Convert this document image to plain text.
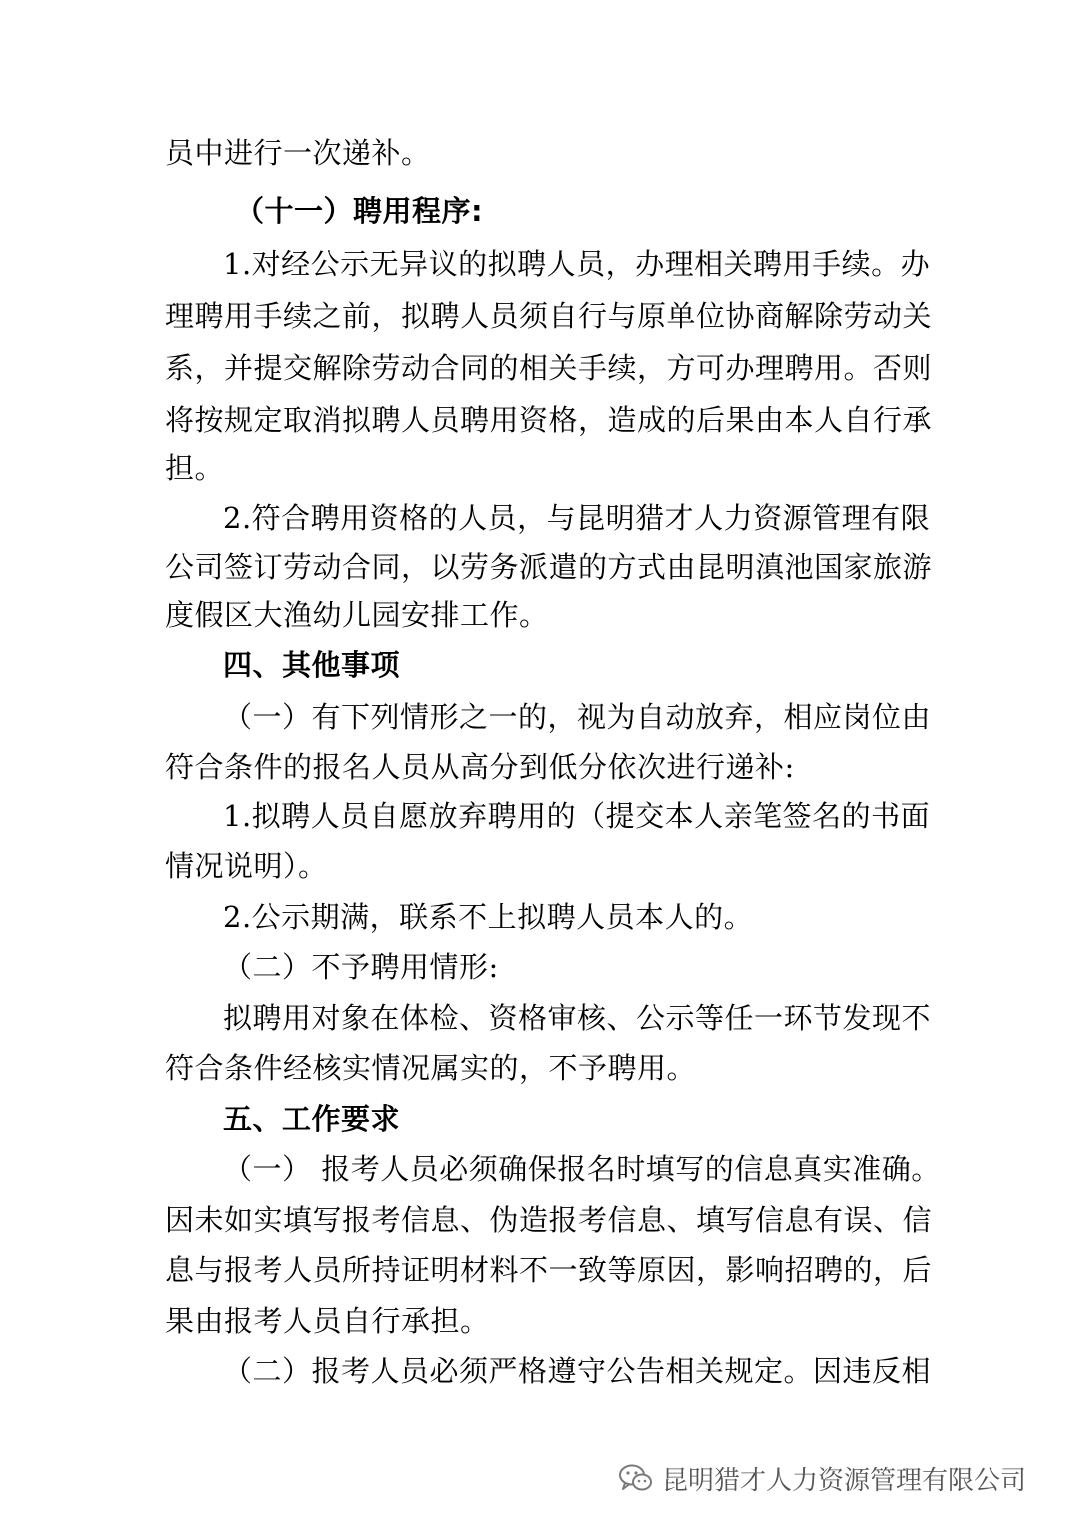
员中进行一次递补。
（十一）聘用程序:
1.对经公示无异议的拟聘人员，办理相关聘用手续。办
理聘用手续之前，拟聘人员须自行与原单位协商解除劳动关
系，并提交解除劳动合同的相关手续，方可办理聘用。否则
将按规定取消拟聘人员聘用资格，造成的后果由本人自行承
担。
2.符合聘用资格的人员，与昆明猎才人力资源管理有限
公司签订劳动合同，以劳务派遣的方式由昆明滇池国家旅游
度假区大渔幼儿园安排工作。
四、其他事项
（一）有下列情形之一的，视为自动放弃，相应岗位由
符合条件的报名人员从高分到低分依次进行递补:
1.拟聘人员自愿放弃聘用的（提交本人亲笔签名的书面
情况说明）。
2.公示期满，联系不上拟聘人员本人的。
（二）不予聘用情形:
拟聘用对象在体检、资格审核、公示等任一环节发现不
符合条件经核实情况属实的，不予聘用。
五、工作要求
（一） 报考人员必须确保报名时填写的信息真实准确。
因未如实填写报考信息、伪造报考信息、填写信息有误、信
息与报考人员所持证明材料不一致等原因，影响招聘的，后
果由报考人员自行承担。
（二）报考人员必须严格遵守公告相关规定。因违反相
昆明猎才人力资源管理有限公司
